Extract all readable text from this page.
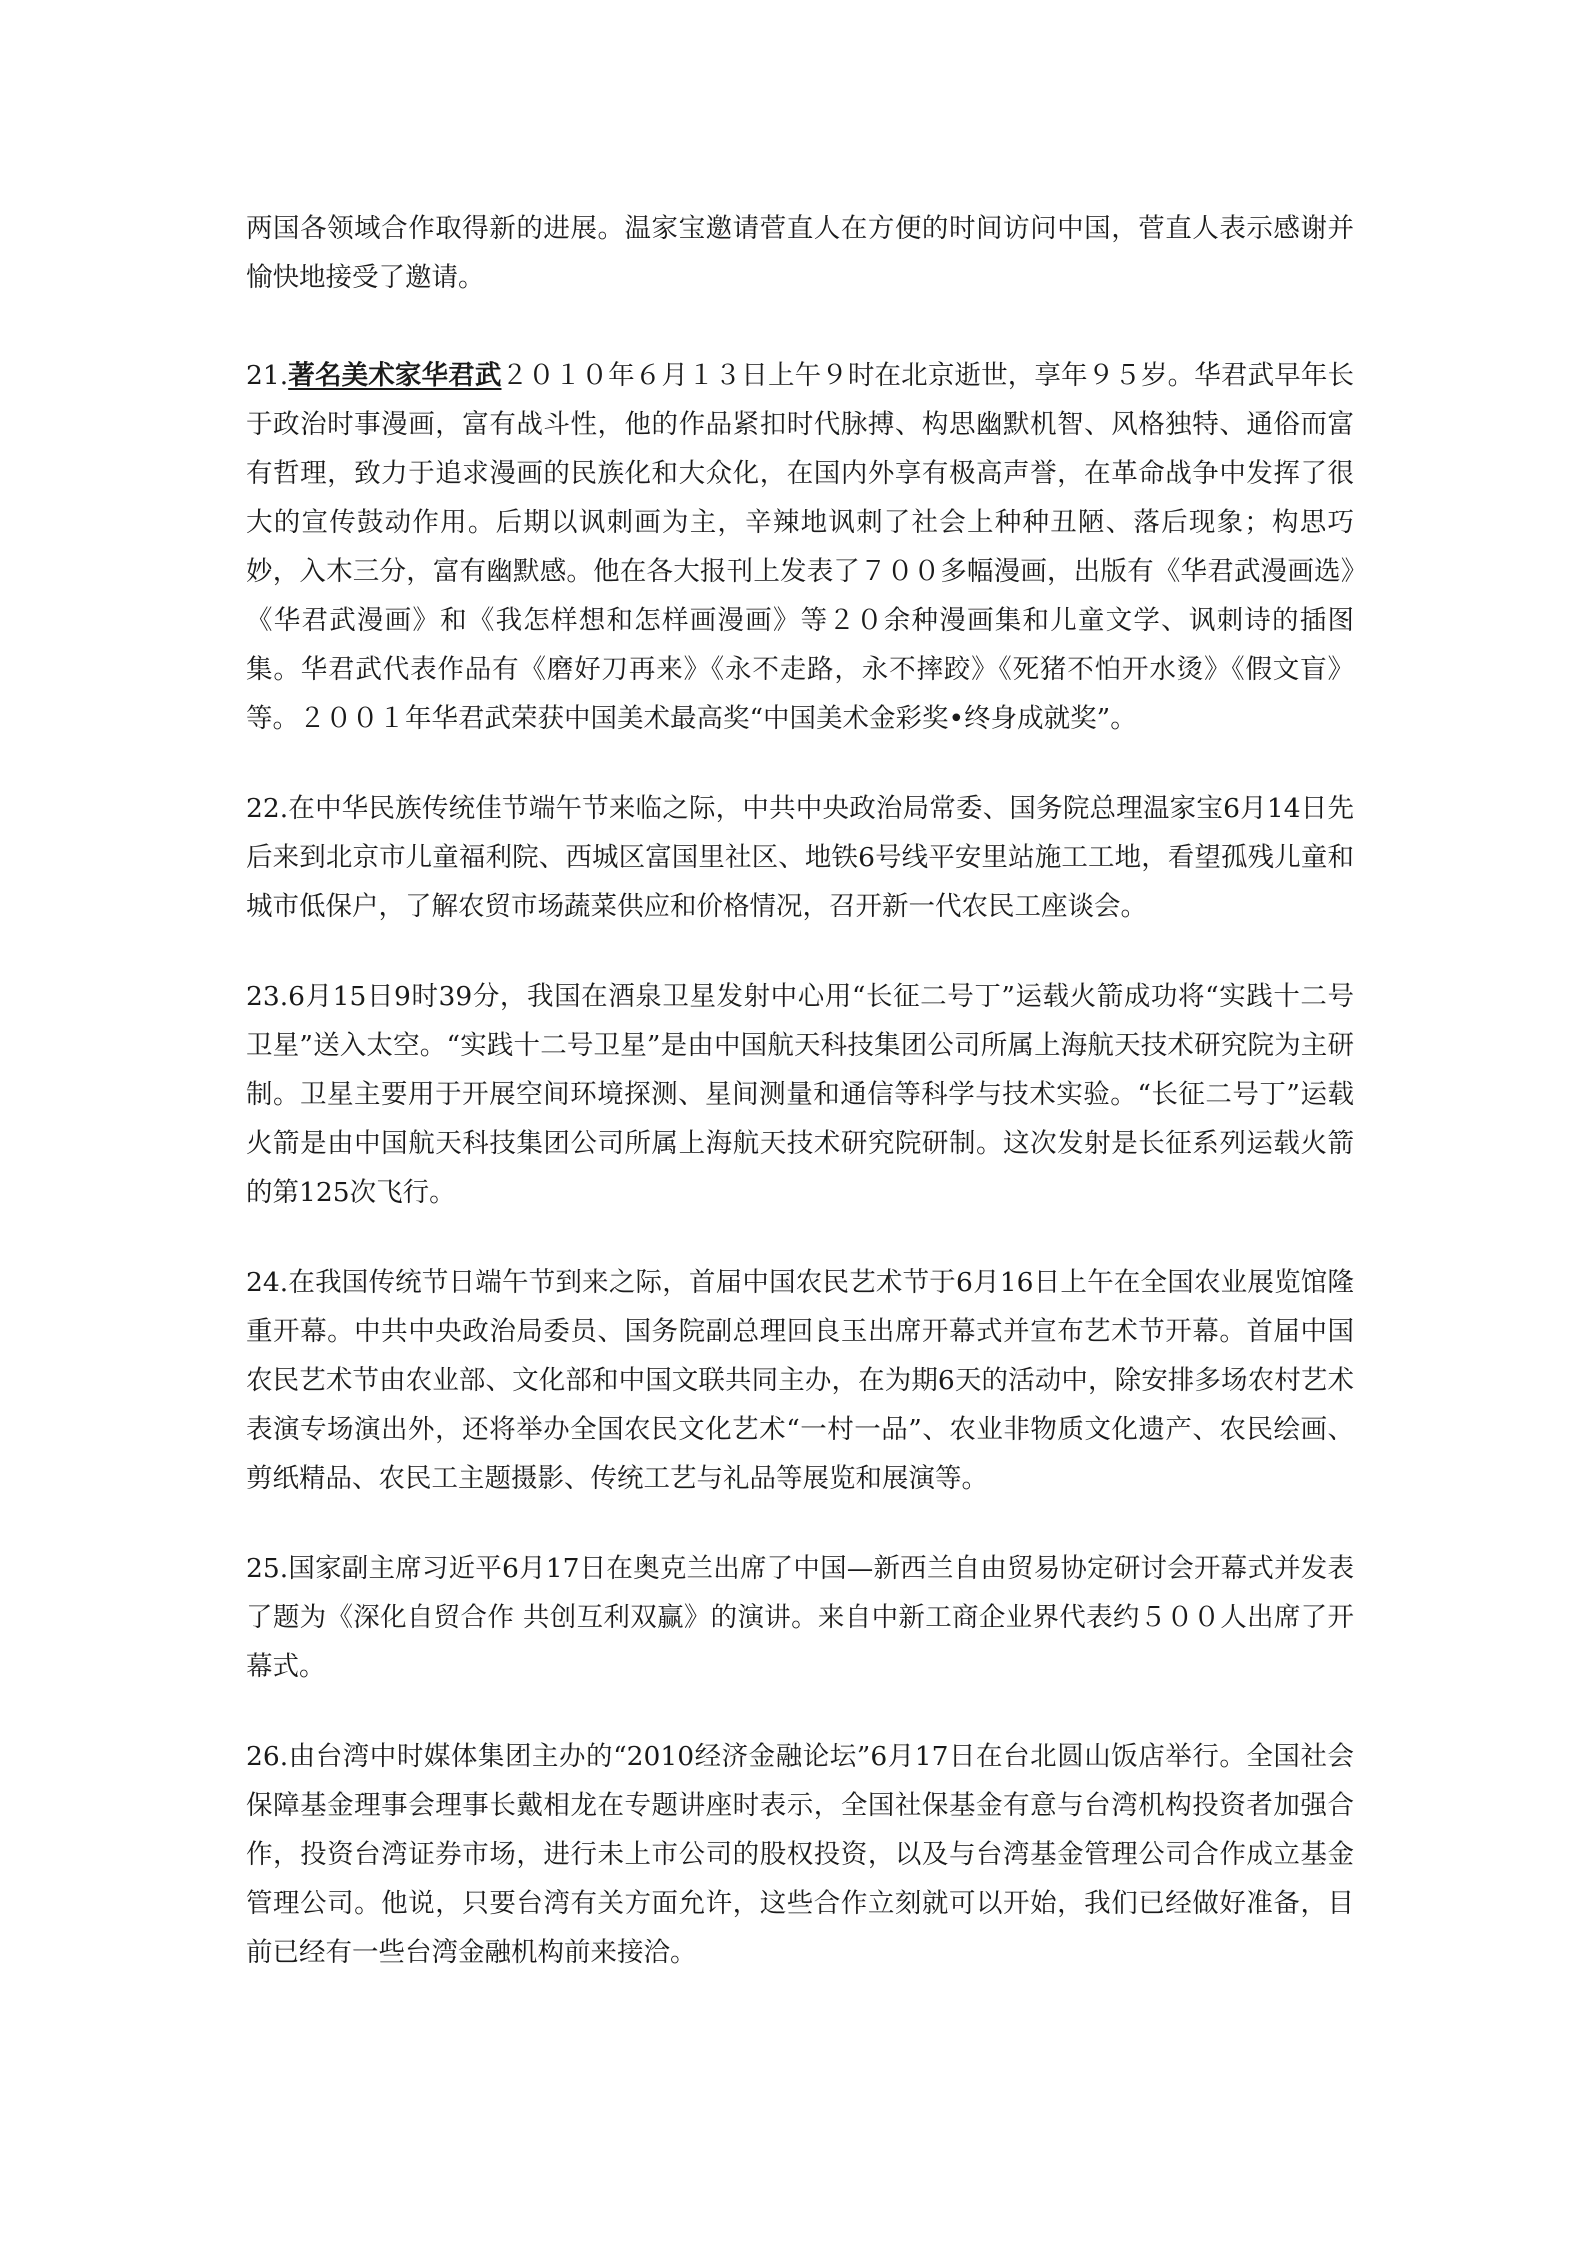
两国各领域合作取得新的进展。温家宝邀请菅直人在方便的时间访问中国，菅直人表示感谢并愉快地接受了邀请。

21.著名美术家华君武２０１０年６月１３日上午９时在北京逝世，享年９５岁。华君武早年长于政治时事漫画，富有战斗性，他的作品紧扣时代脉搏、构思幽默机智、风格独特、通俗而富有哲理，致力于追求漫画的民族化和大众化，在国内外享有极高声誉，在革命战争中发挥了很大的宣传鼓动作用。后期以讽刺画为主，辛辣地讽刺了社会上种种丑陋、落后现象；构思巧妙，入木三分，富有幽默感。他在各大报刊上发表了７００多幅漫画，出版有《华君武漫画选》《华君武漫画》和《我怎样想和怎样画漫画》等２０余种漫画集和儿童文学、讽刺诗的插图集。华君武代表作品有《磨好刀再来》《永不走路，永不摔跤》《死猪不怕开水烫》《假文盲》等。２００１年华君武荣获中国美术最高奖“中国美术金彩奖•终身成就奖”。

22.在中华民族传统佳节端午节来临之际，中共中央政治局常委、国务院总理温家宝6月14日先后来到北京市儿童福利院、西城区富国里社区、地铁6号线平安里站施工工地，看望孤残儿童和城市低保户，了解农贸市场蔬菜供应和价格情况，召开新一代农民工座谈会。

23.6月15日9时39分，我国在酒泉卫星发射中心用“长征二号丁”运载火箭成功将“实践十二号卫星”送入太空。“实践十二号卫星”是由中国航天科技集团公司所属上海航天技术研究院为主研制。卫星主要用于开展空间环境探测、星间测量和通信等科学与技术实验。“长征二号丁”运载火箭是由中国航天科技集团公司所属上海航天技术研究院研制。这次发射是长征系列运载火箭的第125次飞行。

24.在我国传统节日端午节到来之际，首届中国农民艺术节于6月16日上午在全国农业展览馆隆重开幕。中共中央政治局委员、国务院副总理回良玉出席开幕式并宣布艺术节开幕。首届中国农民艺术节由农业部、文化部和中国文联共同主办，在为期6天的活动中，除安排多场农村艺术表演专场演出外，还将举办全国农民文化艺术“一村一品”、农业非物质文化遗产、农民绘画、剪纸精品、农民工主题摄影、传统工艺与礼品等展览和展演等。

25.国家副主席习近平6月17日在奥克兰出席了中国—新西兰自由贸易协定研讨会开幕式并发表了题为《深化自贸合作 共创互利双赢》的演讲。来自中新工商企业界代表约５００人出席了开幕式。

26.由台湾中时媒体集团主办的“2010经济金融论坛”6月17日在台北圆山饭店举行。全国社会保障基金理事会理事长戴相龙在专题讲座时表示，全国社保基金有意与台湾机构投资者加强合作，投资台湾证券市场，进行未上市公司的股权投资，以及与台湾基金管理公司合作成立基金管理公司。他说，只要台湾有关方面允许，这些合作立刻就可以开始，我们已经做好准备，目前已经有一些台湾金融机构前来接洽。
